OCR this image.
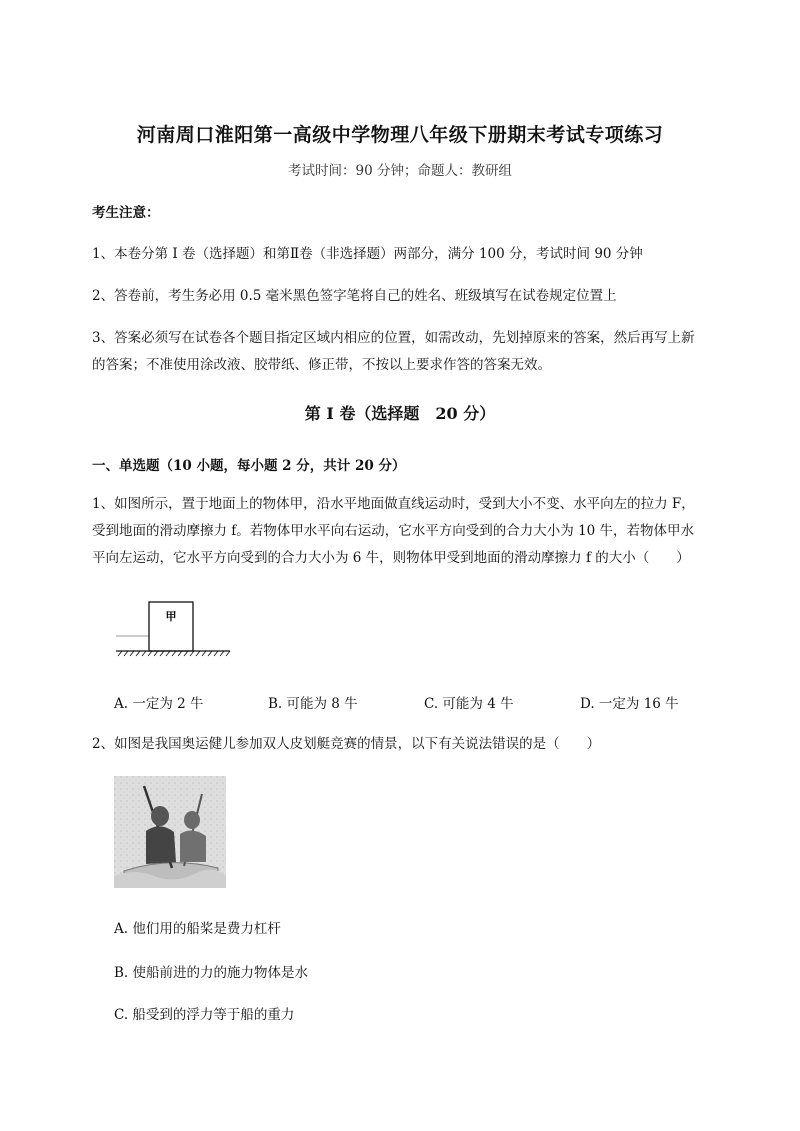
河南周口淮阳第一高级中学物理八年级下册期末考试专项练习
考试时间：90 分钟；命题人：教研组
考生注意：
1、本卷分第 I 卷（选择题）和第Ⅱ卷（非选择题）两部分，满分 100 分，考试时间 90 分钟
2、答卷前，考生务必用 0.5 毫米黑色签字笔将自己的姓名、班级填写在试卷规定位置上
3、答案必须写在试卷各个题目指定区域内相应的位置，如需改动，先划掉原来的答案，然后再写上新
的答案；不准使用涂改液、胶带纸、修正带，不按以上要求作答的答案无效。
第 I 卷（选择题　20 分）
一、单选题（10 小题，每小题 2 分，共计 20 分）
1、如图所示，置于地面上的物体甲，沿水平地面做直线运动时，受到大小不变、水平向左的拉力 F，
受到地面的滑动摩擦力 f。若物体甲水平向右运动，它水平方向受到的合力大小为 10 牛，若物体甲水
平向左运动，它水平方向受到的合力大小为 6 牛，则物体甲受到地面的滑动摩擦力 f 的大小（　　）
甲
A. 一定为 2 牛	B. 可能为 8 牛	C. 可能为 4 牛	D. 一定为 16 牛
2、如图是我国奥运健儿参加双人皮划艇竞赛的情景，以下有关说法错误的是（　　）
A. 他们用的船桨是费力杠杆
B. 使船前进的力的施力物体是水
C. 船受到的浮力等于船的重力
